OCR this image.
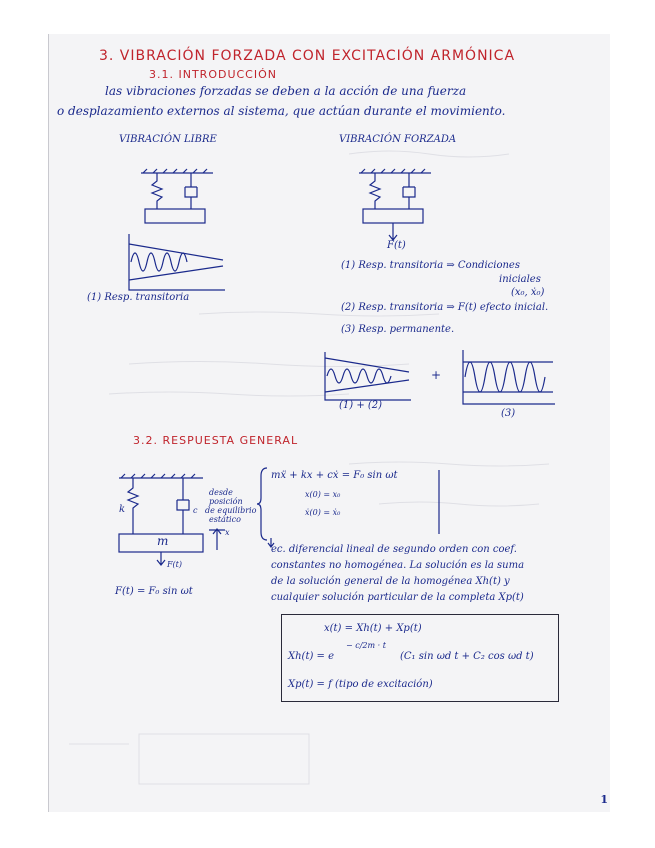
3. VIBRACIÓN FORZADA CON EXCITACIÓN ARMÓNICA
3.1. INTRODUCCIÓN
las vibraciones forzadas se deben a la acción de una fuerza
o desplazamiento externos al sistema, que actúan durante el movimiento.
VIBRACIÓN LIBRE
(1) Resp. transitoria
VIBRACIÓN FORZADA
F(t)
(1) Resp. transitoria ⇒ Condiciones
iniciales
(x₀, ẋ₀)
(2) Resp. transitoria ⇒ F(t) efecto inicial.
(3) Resp. permanente.
(1) + (2)
+
(3)
3.2. RESPUESTA GENERAL
k	c
m
x
F(t)
desde
posición
de equilibrio
estático
F(t) = F₀ sin ωt
mẍ + kx + cẋ = F₀ sin ωt
x(0) = x₀
ẋ(0) = ẋ₀
ec. diferencial lineal de segundo orden con coef.
constantes no homogénea. La solución es la suma
de la solución general de la homogénea Xh(t) y
cualquier solución particular de la completa Xp(t)
x(t) = Xh(t) + Xp(t)
Xh(t) = e
− c/2m · t
(C₁ sin ωd t + C₂ cos ωd t)
Xp(t) = f (tipo de excitación)
1
